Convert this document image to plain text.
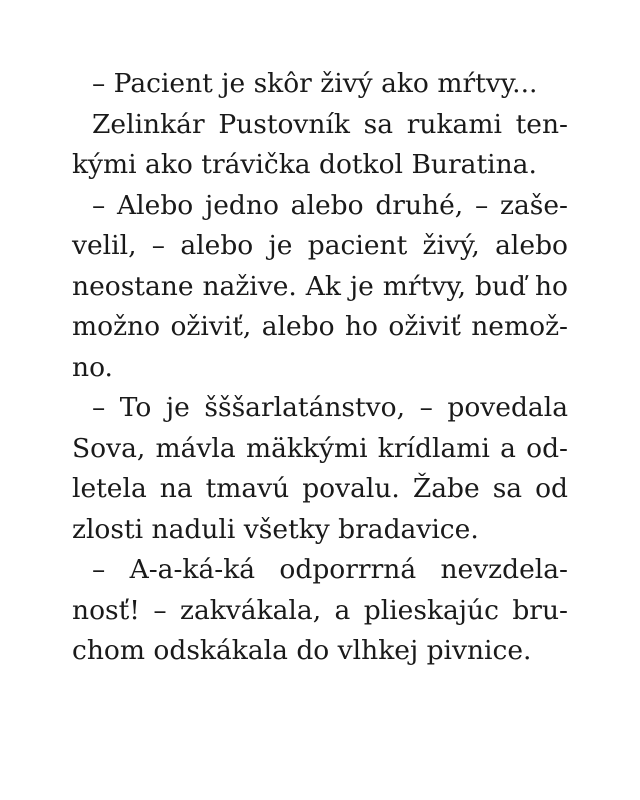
– Pacient je skôr živý ako mŕtvy...
Zelinkár Pustovník sa rukami ten-
kými ako trávička dotkol Buratina.
– Alebo jedno alebo druhé, – zaše-
velil, – alebo je pacient živý, alebo
neostane nažive. Ak je mŕtvy, buď ho
možno oživiť, alebo ho oživiť nemož-
no.
– To je šššarlatánstvo, – povedala
Sova, mávla mäkkými krídlami a od-
letela na tmavú povalu. Žabe sa od
zlosti naduli všetky bradavice.
– A-a-ká-ká odporrrná nevzdela-
nosť! – zakvákala, a plieskajúc bru-
chom odskákala do vlhkej pivnice.
